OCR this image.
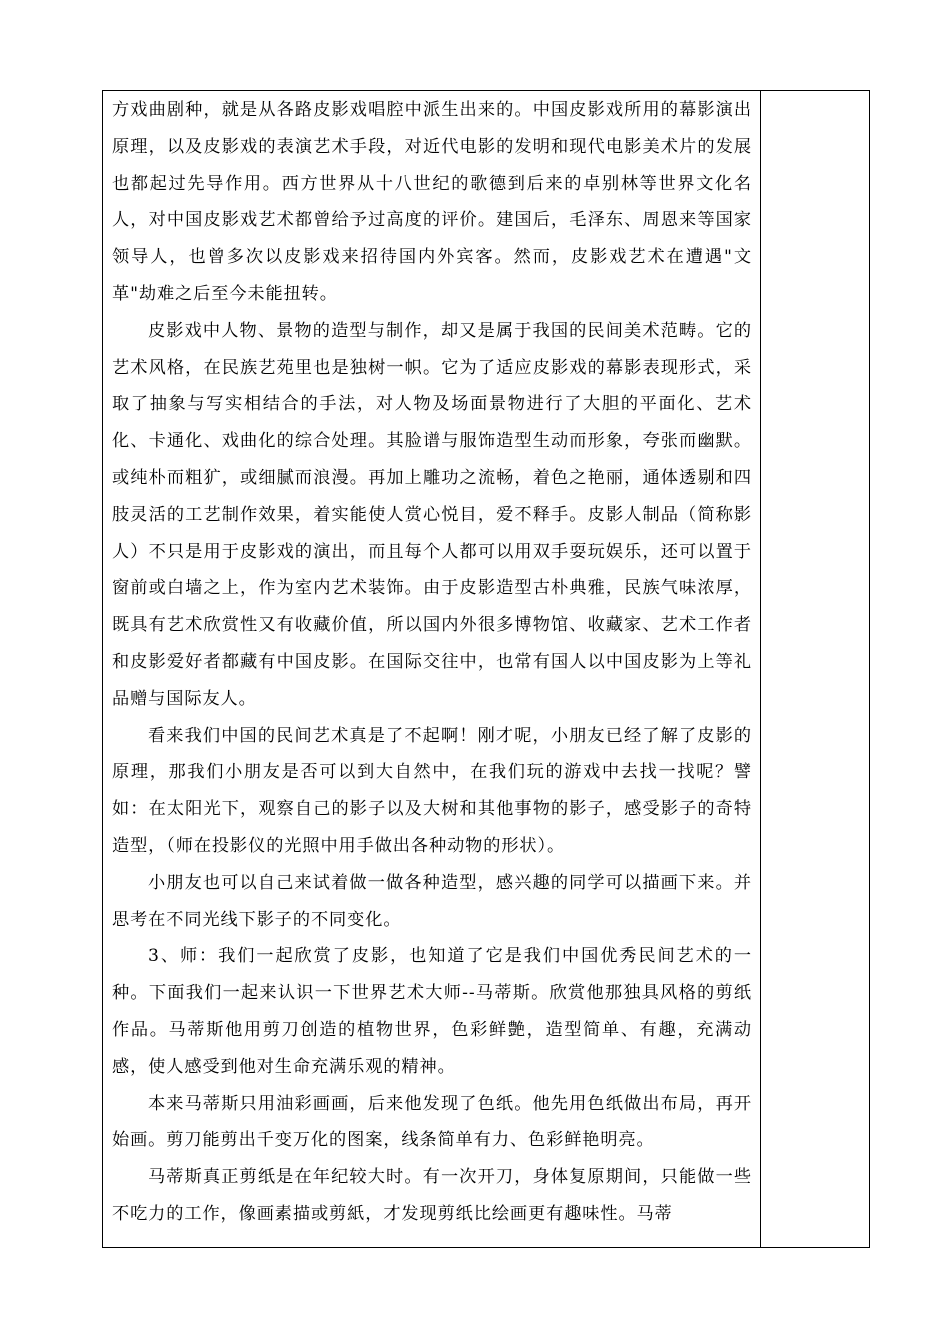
方戏曲剧种，就是从各路皮影戏唱腔中派生出来的。中国皮影戏所用的幕影演出原理，以及皮影戏的表演艺术手段，对近代电影的发明和现代电影美术片的发展也都起过先导作用。西方世界从十八世纪的歌德到后来的卓别林等世界文化名人，对中国皮影戏艺术都曾给予过高度的评价。建国后，毛泽东、周恩来等国家领导人，也曾多次以皮影戏来招待国内外宾客。然而，皮影戏艺术在遭遇"文革"劫难之后至今未能扭转。

皮影戏中人物、景物的造型与制作，却又是属于我国的民间美术范畴。它的艺术风格，在民族艺苑里也是独树一帜。它为了适应皮影戏的幕影表现形式，采取了抽象与写实相结合的手法，对人物及场面景物进行了大胆的平面化、艺术化、卡通化、戏曲化的综合处理。其脸谱与服饰造型生动而形象，夸张而幽默。或纯朴而粗犷，或细腻而浪漫。再加上雕功之流畅，着色之艳丽，通体透剔和四肢灵活的工艺制作效果，着实能使人赏心悦目，爱不释手。皮影人制品（简称影人）不只是用于皮影戏的演出，而且每个人都可以用双手耍玩娱乐，还可以置于窗前或白墙之上，作为室内艺术装饰。由于皮影造型古朴典雅，民族气味浓厚，既具有艺术欣赏性又有收藏价值，所以国内外很多博物馆、收藏家、艺术工作者和皮影爱好者都藏有中国皮影。在国际交往中，也常有国人以中国皮影为上等礼品赠与国际友人。

看来我们中国的民间艺术真是了不起啊！刚才呢，小朋友已经了解了皮影的原理，那我们小朋友是否可以到大自然中，在我们玩的游戏中去找一找呢？譬如：在太阳光下，观察自己的影子以及大树和其他事物的影子，感受影子的奇特造型，（师在投影仪的光照中用手做出各种动物的形状）。

小朋友也可以自己来试着做一做各种造型，感兴趣的同学可以描画下来。并思考在不同光线下影子的不同变化。

3、师：我们一起欣赏了皮影，也知道了它是我们中国优秀民间艺术的一种。下面我们一起来认识一下世界艺术大师--马蒂斯。欣赏他那独具风格的剪纸作品。马蒂斯他用剪刀创造的植物世界，色彩鲜艶，造型简单、有趣，充满动感，使人感受到他对生命充满乐观的精神。

本来马蒂斯只用油彩画画，后来他发现了色纸。他先用色纸做出布局，再开始画。剪刀能剪出千变万化的图案，线条简单有力、色彩鲜艳明亮。

马蒂斯真正剪纸是在年纪较大时。有一次开刀，身体复原期间，只能做一些不吃力的工作，像画素描或剪紙，才发现剪纸比绘画更有趣味性。马蒂
